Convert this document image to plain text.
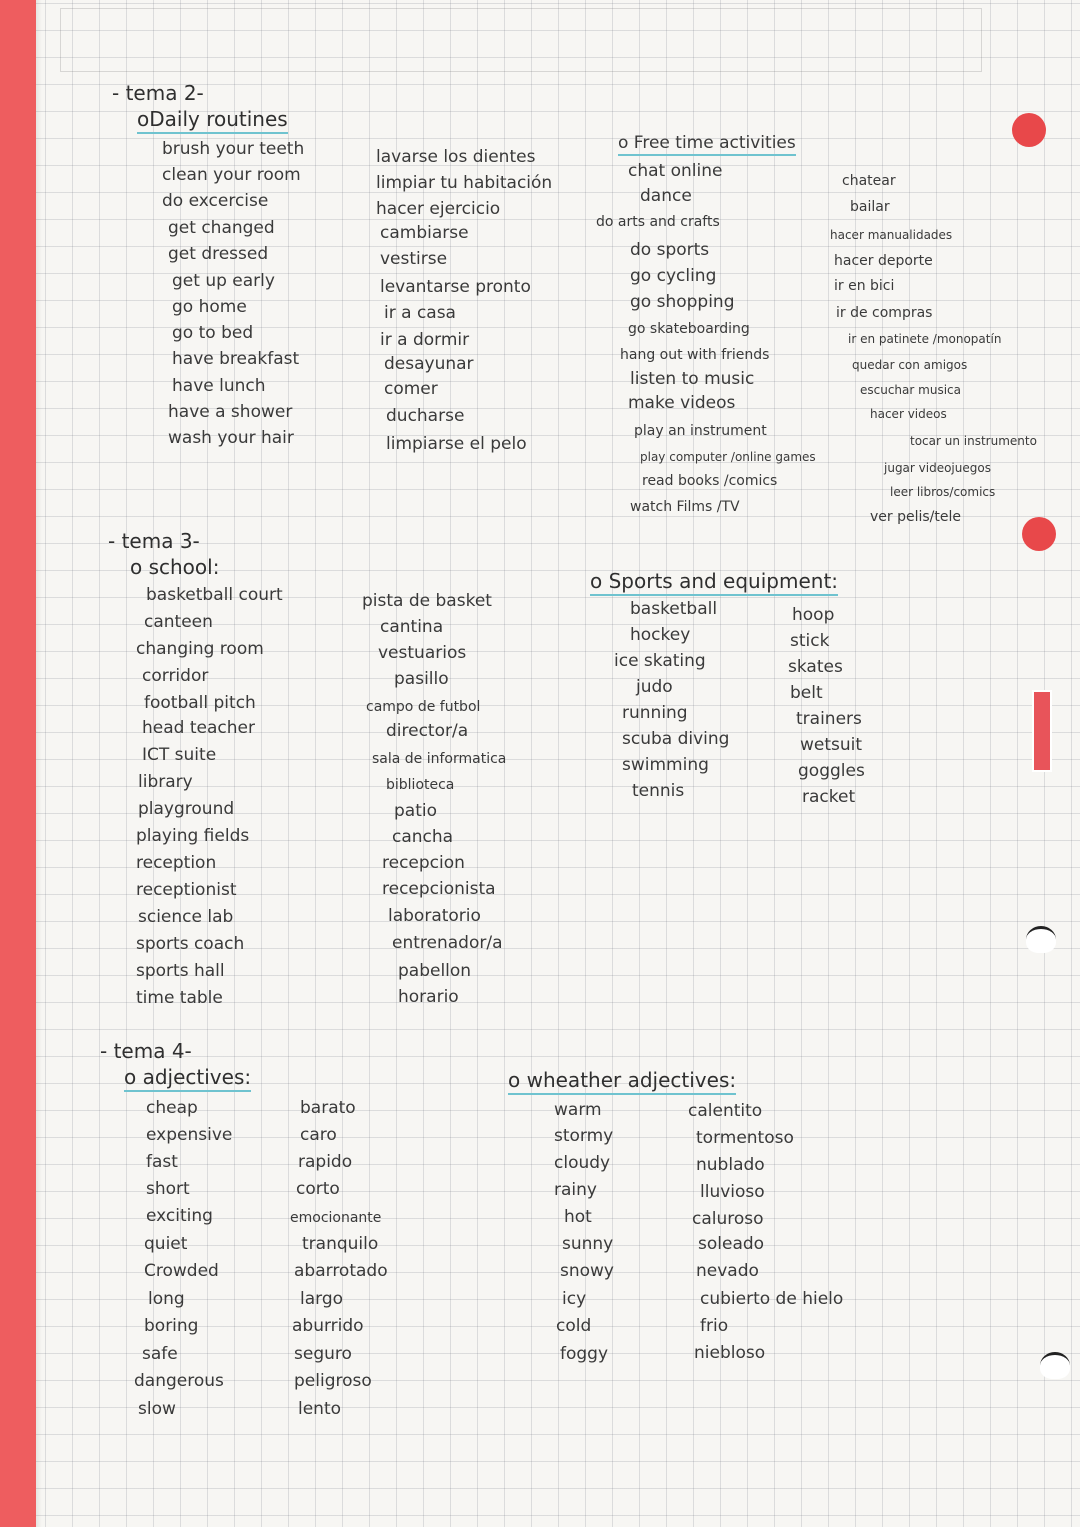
- tema 2-
oDaily routines
brush your teeth
clean your room
do excercise
get changed
get dressed
get up early
go home
go to bed
have breakfast
have lunch
have a shower
wash your hair
lavarse los dientes
limpiar tu habitación
hacer ejercicio
cambiarse
vestirse
levantarse pronto
ir a casa
ir a dormir
desayunar
comer
ducharse
limpiarse el pelo
o Free time activities
chat online
dance
do arts and crafts
do sports
go cycling
go shopping
go skateboarding
hang out with friends
listen to music
make videos
play an instrument
play computer /online games
read books /comics
watch Films /TV
chatear
bailar
hacer manualidades
hacer deporte
ir en bici
ir de compras
ir en patinete /monopatín
quedar con amigos
escuchar musica
hacer videos
tocar un instrumento
jugar videojuegos
leer libros/comics
ver pelis/tele
- tema 3-
o school:
basketball court
canteen
changing room
corridor
football pitch
head teacher
ICT suite
library
playground
playing fields
reception
receptionist
science lab
sports coach
sports hall
time table
pista de basket
cantina
vestuarios
pasillo
campo de futbol
director/a
sala de informatica
biblioteca
patio
cancha
recepcion
recepcionista
laboratorio
entrenador/a
pabellon
horario
o Sports and equipment:
basketball
hockey
ice skating
judo
running
scuba diving
swimming
tennis
hoop
stick
skates
belt
trainers
wetsuit
goggles
racket
- tema 4-
o adjectives:
cheap
expensive
fast
short
exciting
quiet
Crowded
long
boring
safe
dangerous
slow
barato
caro
rapido
corto
emocionante
tranquilo
abarrotado
largo
aburrido
seguro
peligroso
lento
o wheather adjectives:
warm
stormy
cloudy
rainy
hot
sunny
snowy
icy
cold
foggy
calentito
tormentoso
nublado
lluvioso
caluroso
soleado
nevado
cubierto de hielo
frio
niebloso
